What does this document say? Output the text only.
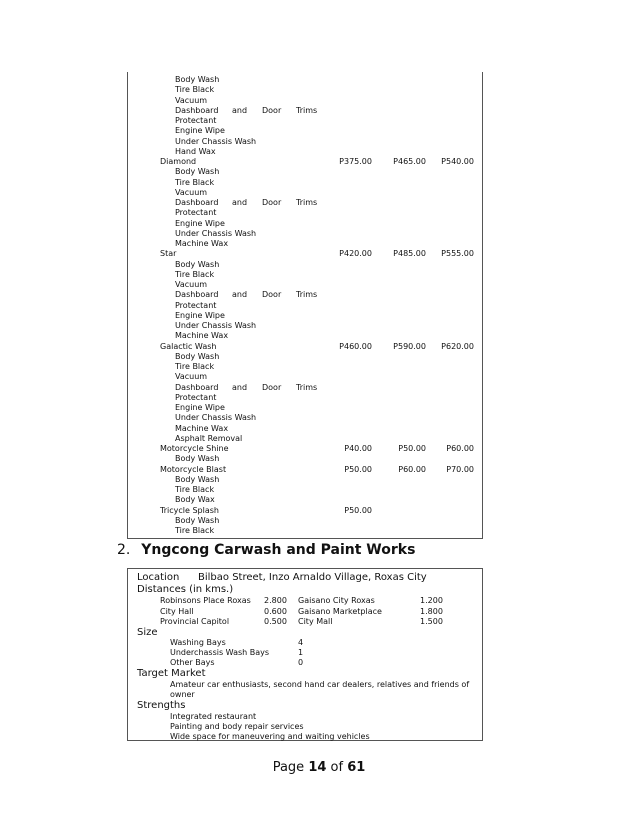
Body Wash
Tire Black
Vacuum
Dashboard and Door Trims
Protectant
Engine Wipe
Under Chassis Wash
Hand Wax
Diamond	P375.00	P465.00	P540.00
Body Wash
Tire Black
Vacuum
Dashboard and Door Trims
Protectant
Engine Wipe
Under Chassis Wash
Machine Wax
Star	P420.00	P485.00	P555.00
Body Wash
Tire Black
Vacuum
Dashboard and Door Trims
Protectant
Engine Wipe
Under Chassis Wash
Machine Wax
Galactic Wash	P460.00	P590.00	P620.00
Body Wash
Tire Black
Vacuum
Dashboard and Door Trims
Protectant
Engine Wipe
Under Chassis Wash
Machine Wax
Asphalt Removal
Motorcycle Shine	P40.00	P50.00	P60.00
Body Wash
Motorcycle Blast	P50.00	P60.00	P70.00
Body Wash
Tire Black
Body Wax
Tricycle Splash	P50.00
Body Wash
Tire Black
2. Yngcong Carwash and Paint Works
Location Bilbao Street, Inzo Arnaldo Village, Roxas City
Distances (in kms.)
Robinsons Place Roxas 2.800 Gaisano City Roxas	1.200
City Hall	0.600 Gaisano Marketplace	1.800
Provincial Capitol	0.500 City Mall	1.500
Size
Washing Bays	4
Underchassis Wash Bays	1
Other Bays	0
Target Market
Amateur car enthusiasts, second hand car dealers, relatives and friends of
owner
Strengths
Integrated restaurant
Painting and body repair services
Wide space for maneuvering and waiting vehicles
Page 14 of 61
